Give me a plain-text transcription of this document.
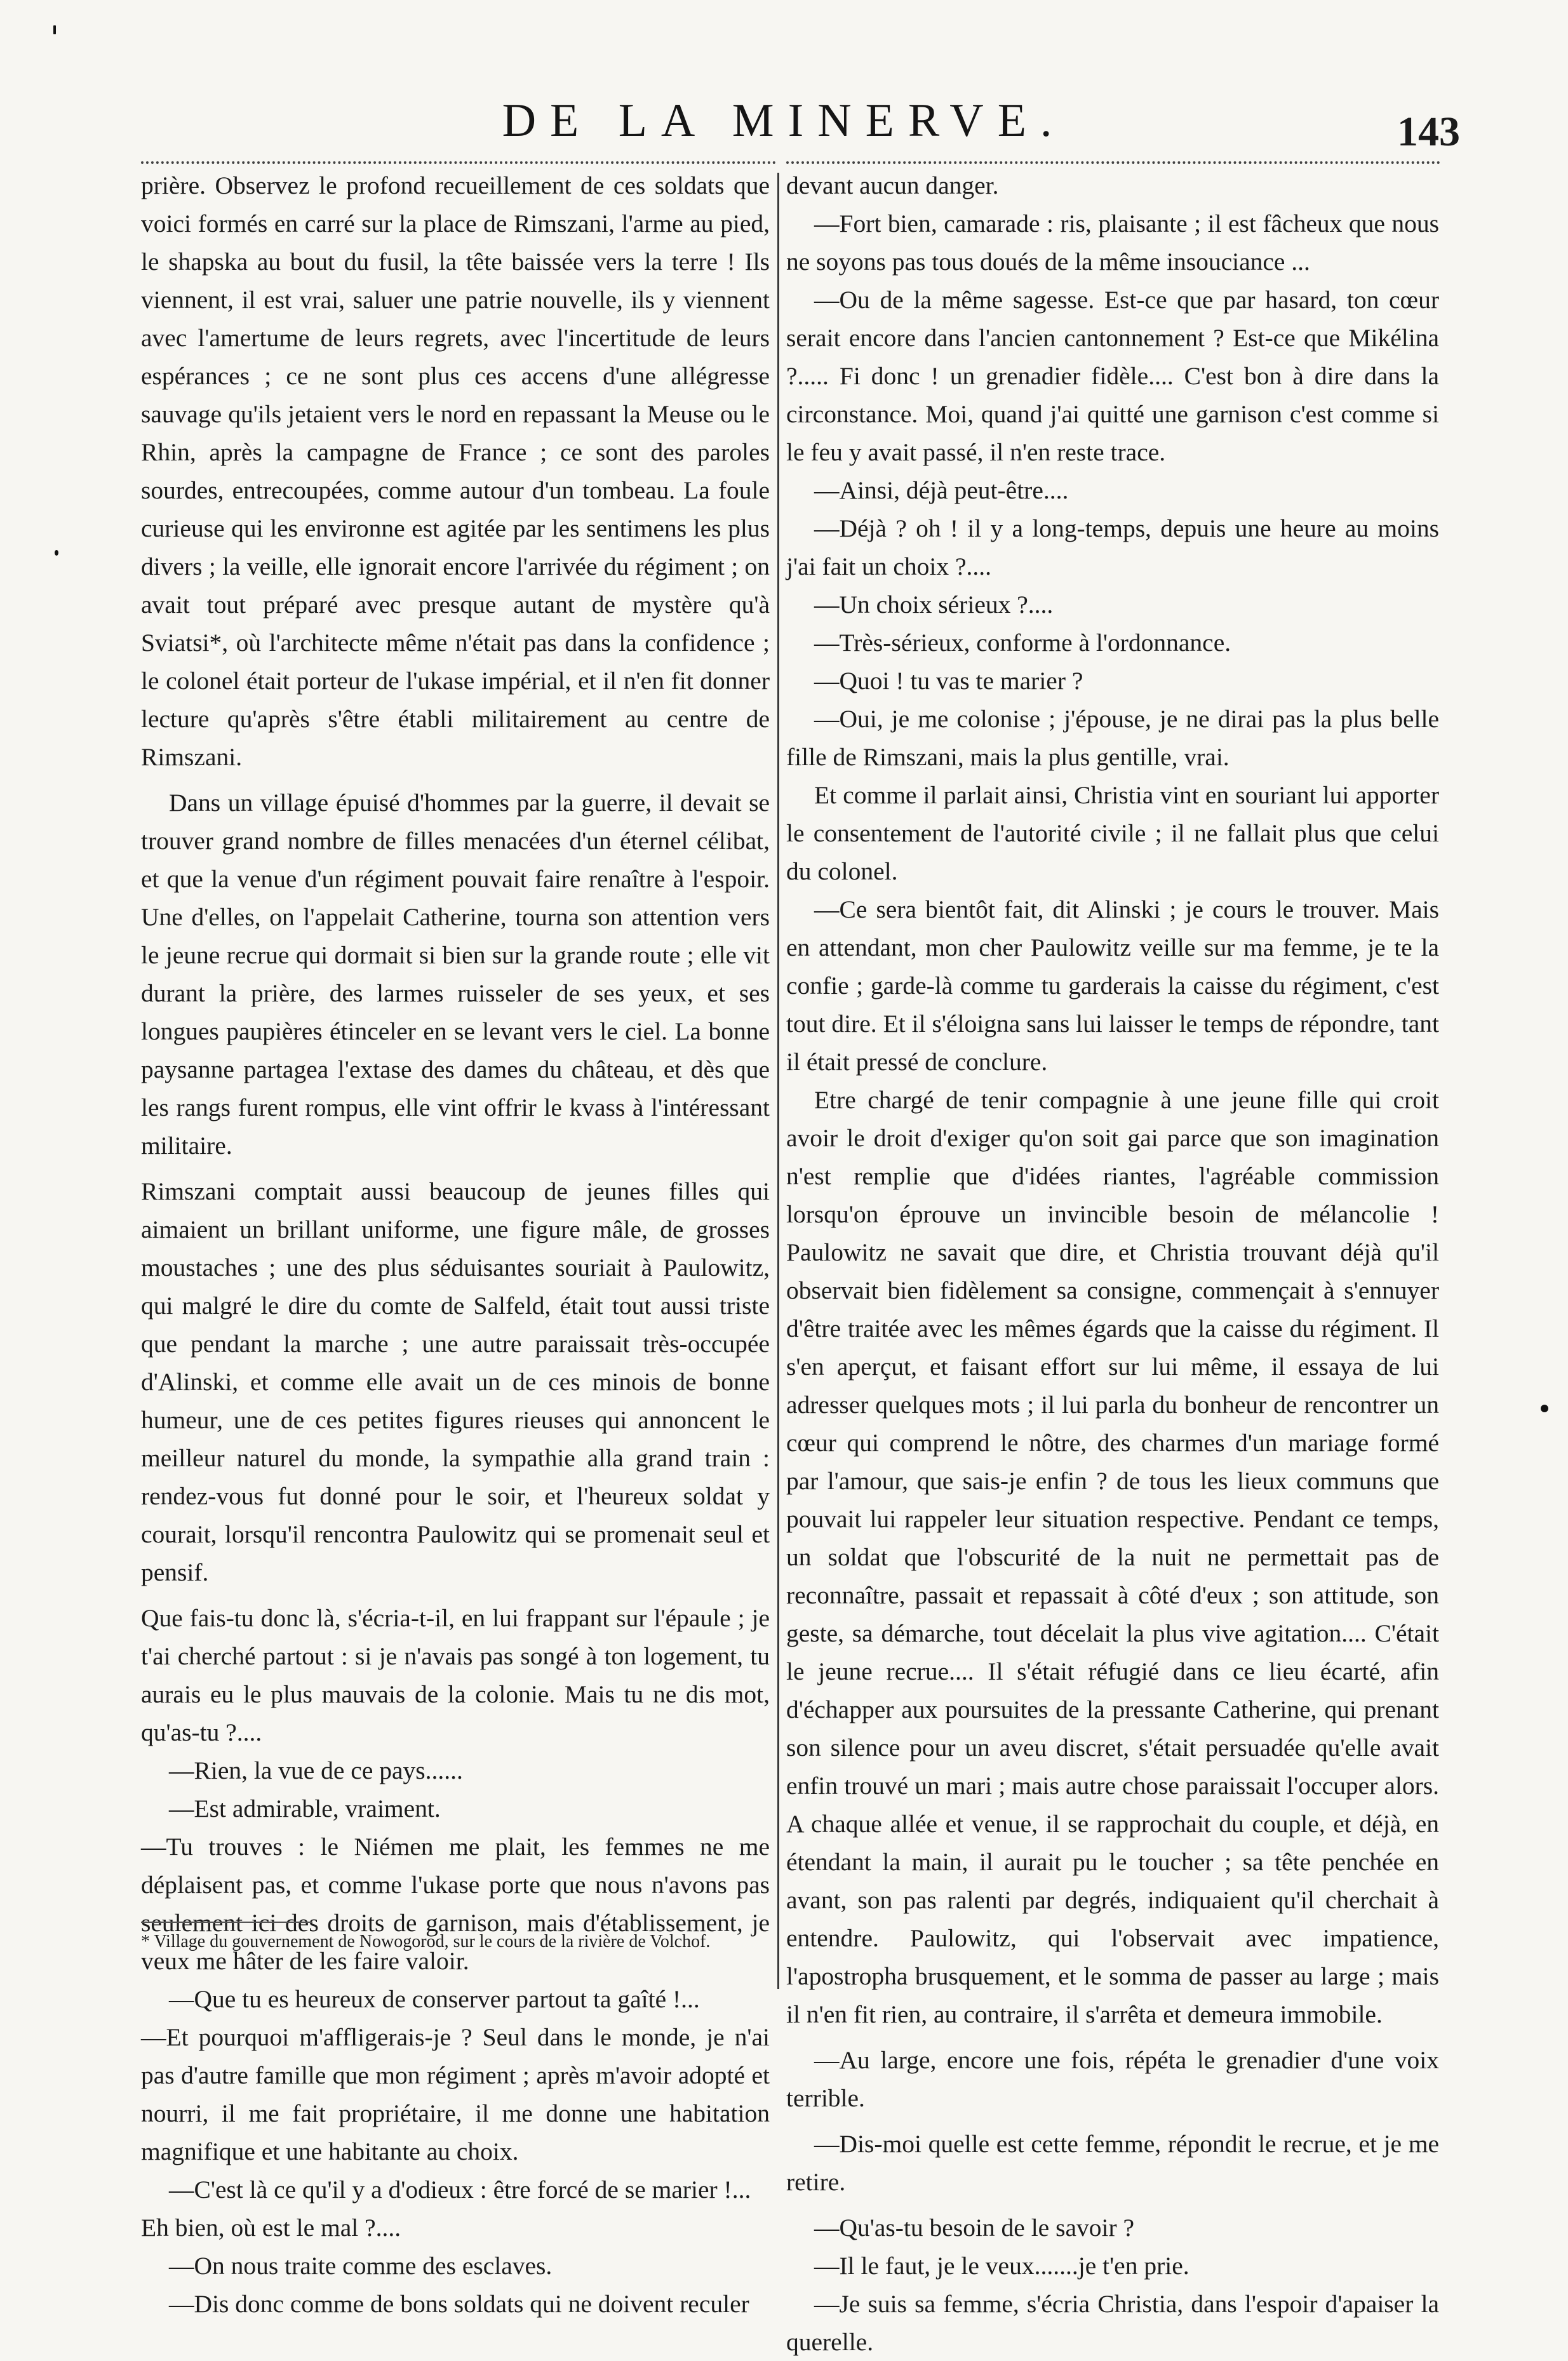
DE LA MINERVE.	143

prière. Observez le profond recueillement de ces soldats que voici formés en carré sur la place de Rimszani, l'arme au pied, le shapska au bout du fusil, la tête baissée vers la terre ! Ils viennent, il est vrai, saluer une patrie nouvelle, ils y viennent avec l'amertume de leurs regrets, avec l'incertitude de leurs espérances ; ce ne sont plus ces accens d'une allégresse sauvage qu'ils jetaient vers le nord en repassant la Meuse ou le Rhin, après la campagne de France ; ce sont des paroles sourdes, entrecoupées, comme autour d'un tombeau. La foule curieuse qui les environne est agitée par les sentimens les plus divers ; la veille, elle ignorait encore l'arrivée du régiment ; on avait tout préparé avec presque autant de mystère qu'à Sviatsi*, où l'architecte même n'était pas dans la confidence ; le colonel était porteur de l'ukase impérial, et il n'en fit donner lecture qu'après s'être établi militairement au centre de Rimszani.

Dans un village épuisé d'hommes par la guerre, il devait se trouver grand nombre de filles menacées d'un éternel célibat, et que la venue d'un régiment pouvait faire renaître à l'espoir. Une d'elles, on l'appelait Catherine, tourna son attention vers le jeune recrue qui dormait si bien sur la grande route ; elle vit durant la prière, des larmes ruisseler de ses yeux, et ses longues paupières étinceler en se levant vers le ciel. La bonne paysanne partagea l'extase des dames du château, et dès que les rangs furent rompus, elle vint offrir le kvass à l'intéressant militaire.

Rimszani comptait aussi beaucoup de jeunes filles qui aimaient un brillant uniforme, une figure mâle, de grosses moustaches ; une des plus séduisantes souriait à Paulowitz, qui malgré le dire du comte de Salfeld, était tout aussi triste que pendant la marche ; une autre paraissait très-occupée d'Alinski, et comme elle avait un de ces minois de bonne humeur, une de ces petites figures rieuses qui annoncent le meilleur naturel du monde, la sympathie alla grand train : rendez-vous fut donné pour le soir, et l'heureux soldat y courait, lorsqu'il rencontra Paulowitz qui se promenait seul et pensif.

Que fais-tu donc là, s'écria-t-il, en lui frappant sur l'épaule ; je t'ai cherché partout : si je n'avais pas songé à ton logement, tu aurais eu le plus mauvais de la colonie. Mais tu ne dis mot, qu'as-tu ?....

—Rien, la vue de ce pays......

—Est admirable, vraiment.

—Tu trouves : le Niémen me plait, les femmes ne me déplaisent pas, et comme l'ukase porte que nous n'avons pas seulement ici des droits de garnison, mais d'établissement, je veux me hâter de les faire valoir.

—Que tu es heureux de conserver partout ta gaîté !...

—Et pourquoi m'affligerais-je ? Seul dans le monde, je n'ai pas d'autre famille que mon régiment ; après m'avoir adopté et nourri, il me fait propriétaire, il me donne une habitation magnifique et une habitante au choix.

—C'est là ce qu'il y a d'odieux : être forcé de se marier !...

Eh bien, où est le mal ?....

—On nous traite comme des esclaves.

—Dis donc comme de bons soldats qui ne doivent reculer

devant aucun danger.

—Fort bien, camarade : ris, plaisante ; il est fâcheux que nous ne soyons pas tous doués de la même insouciance ...

—Ou de la même sagesse. Est-ce que par hasard, ton cœur serait encore dans l'ancien cantonnement ? Est-ce que Mikélina ?..... Fi donc ! un grenadier fidèle.... C'est bon à dire dans la circonstance. Moi, quand j'ai quitté une garnison c'est comme si le feu y avait passé, il n'en reste trace.

—Ainsi, déjà peut-être....

—Déjà ? oh ! il y a long-temps, depuis une heure au moins j'ai fait un choix ?....

—Un choix sérieux ?....

—Très-sérieux, conforme à l'ordonnance.

—Quoi ! tu vas te marier ?

—Oui, je me colonise ; j'épouse, je ne dirai pas la plus belle fille de Rimszani, mais la plus gentille, vrai.

Et comme il parlait ainsi, Christia vint en souriant lui apporter le consentement de l'autorité civile ; il ne fallait plus que celui du colonel.

—Ce sera bientôt fait, dit Alinski ; je cours le trouver. Mais en attendant, mon cher Paulowitz veille sur ma femme, je te la confie ; garde-là comme tu garderais la caisse du régiment, c'est tout dire. Et il s'éloigna sans lui laisser le temps de répondre, tant il était pressé de conclure.

Etre chargé de tenir compagnie à une jeune fille qui croit avoir le droit d'exiger qu'on soit gai parce que son imagination n'est remplie que d'idées riantes, l'agréable commission lorsqu'on éprouve un invincible besoin de mélancolie ! Paulowitz ne savait que dire, et Christia trouvant déjà qu'il observait bien fidèlement sa consigne, commençait à s'ennuyer d'être traitée avec les mêmes égards que la caisse du régiment. Il s'en aperçut, et faisant effort sur lui même, il essaya de lui adresser quelques mots ; il lui parla du bonheur de rencontrer un cœur qui comprend le nôtre, des charmes d'un mariage formé par l'amour, que sais-je enfin ? de tous les lieux communs que pouvait lui rappeler leur situation respective. Pendant ce temps, un soldat que l'obscurité de la nuit ne permettait pas de reconnaître, passait et repassait à côté d'eux ; son attitude, son geste, sa démarche, tout décelait la plus vive agitation.... C'était le jeune recrue.... Il s'était réfugié dans ce lieu écarté, afin d'échapper aux poursuites de la pressante Catherine, qui prenant son silence pour un aveu discret, s'était persuadée qu'elle avait enfin trouvé un mari ; mais autre chose paraissait l'occuper alors. A chaque allée et venue, il se rapprochait du couple, et déjà, en étendant la main, il aurait pu le toucher ; sa tête penchée en avant, son pas ralenti par degrés, indiquaient qu'il cherchait à entendre. Paulowitz, qui l'observait avec impatience, l'apostropha brusquement, et le somma de passer au large ; mais il n'en fit rien, au contraire, il s'arrêta et demeura immobile.

—Au large, encore une fois, répéta le grenadier d'une voix terrible.

—Dis-moi quelle est cette femme, répondit le recrue, et je me retire.

—Qu'as-tu besoin de le savoir ?

—Il le faut, je le veux.......je t'en prie.

—Je suis sa femme, s'écria Christia, dans l'espoir d'apaiser la querelle.

* Village du gouvernement de Nowogorod, sur le cours de la rivière de Volchof.
